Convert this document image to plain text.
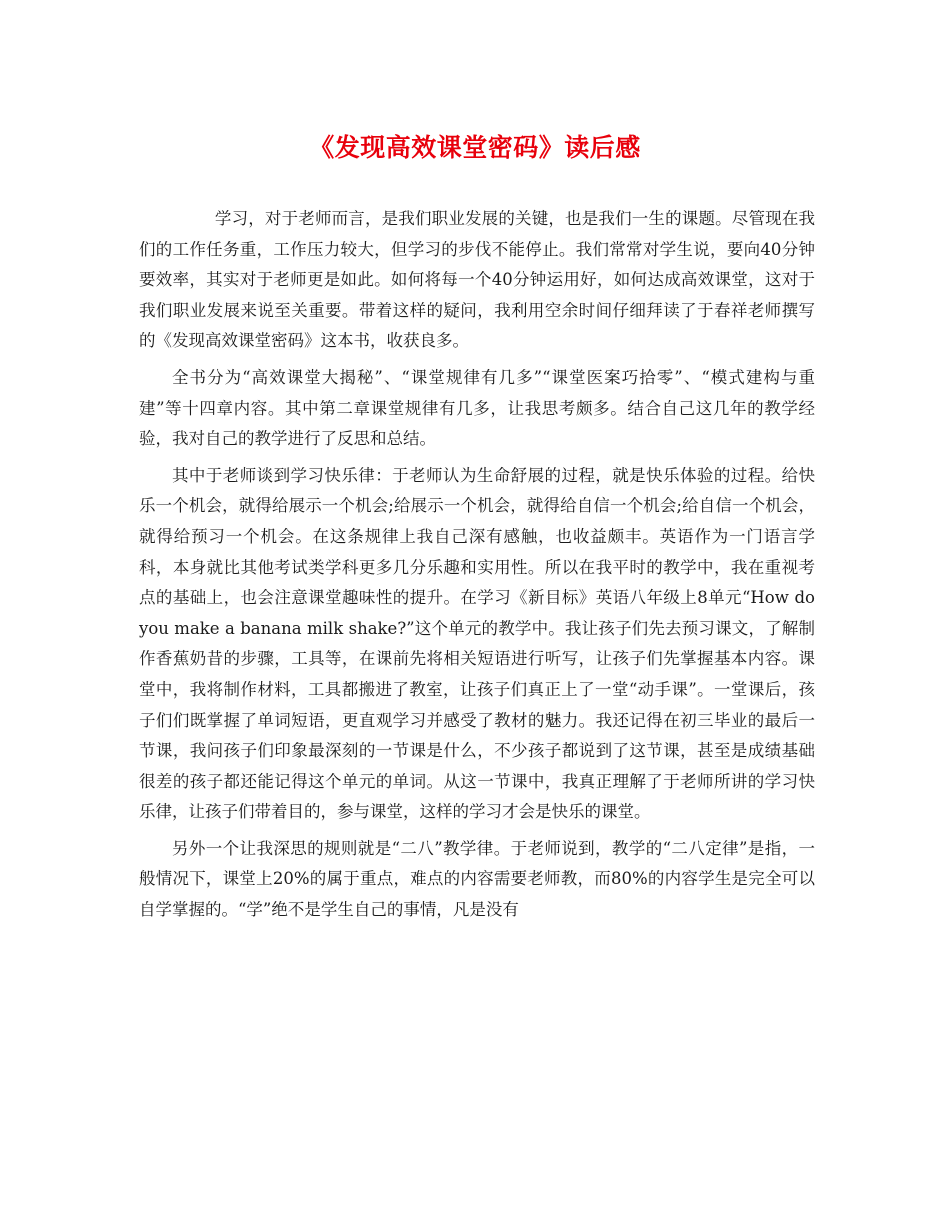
《发现高效课堂密码》读后感

学习，对于老师而言，是我们职业发展的关键，也是我们一生的课题。尽管现在我们的工作任务重，工作压力较大，但学习的步伐不能停止。我们常常对学生说，要向40分钟要效率，其实对于老师更是如此。如何将每一个40分钟运用好，如何达成高效课堂，这对于我们职业发展来说至关重要。带着这样的疑问，我利用空余时间仔细拜读了于春祥老师撰写的《发现高效课堂密码》这本书，收获良多。

全书分为“高效课堂大揭秘”、“课堂规律有几多”“课堂医案巧拾零”、“模式建构与重建”等十四章内容。其中第二章课堂规律有几多，让我思考颇多。结合自己这几年的教学经验，我对自己的教学进行了反思和总结。

其中于老师谈到学习快乐律：于老师认为生命舒展的过程，就是快乐体验的过程。给快乐一个机会，就得给展示一个机会;给展示一个机会，就得给自信一个机会;给自信一个机会，就得给预习一个机会。在这条规律上我自己深有感触，也收益颇丰。英语作为一门语言学科，本身就比其他考试类学科更多几分乐趣和实用性。所以在我平时的教学中，我在重视考点的基础上，也会注意课堂趣味性的提升。在学习《新目标》英语八年级上8单元“How do you make a banana milk shake?”这个单元的教学中。我让孩子们先去预习课文，了解制作香蕉奶昔的步骤，工具等，在课前先将相关短语进行听写，让孩子们先掌握基本内容。课堂中，我将制作材料，工具都搬进了教室，让孩子们真正上了一堂“动手课”。一堂课后，孩子们们既掌握了单词短语，更直观学习并感受了教材的魅力。我还记得在初三毕业的最后一节课，我问孩子们印象最深刻的一节课是什么，不少孩子都说到了这节课，甚至是成绩基础很差的孩子都还能记得这个单元的单词。从这一节课中，我真正理解了于老师所讲的学习快乐律，让孩子们带着目的，参与课堂，这样的学习才会是快乐的课堂。

另外一个让我深思的规则就是“二八”教学律。于老师说到，教学的“二八定律”是指，一般情况下，课堂上20%的属于重点，难点的内容需要老师教，而80%的内容学生是完全可以自学掌握的。“学”绝不是学生自己的事情，凡是没有
